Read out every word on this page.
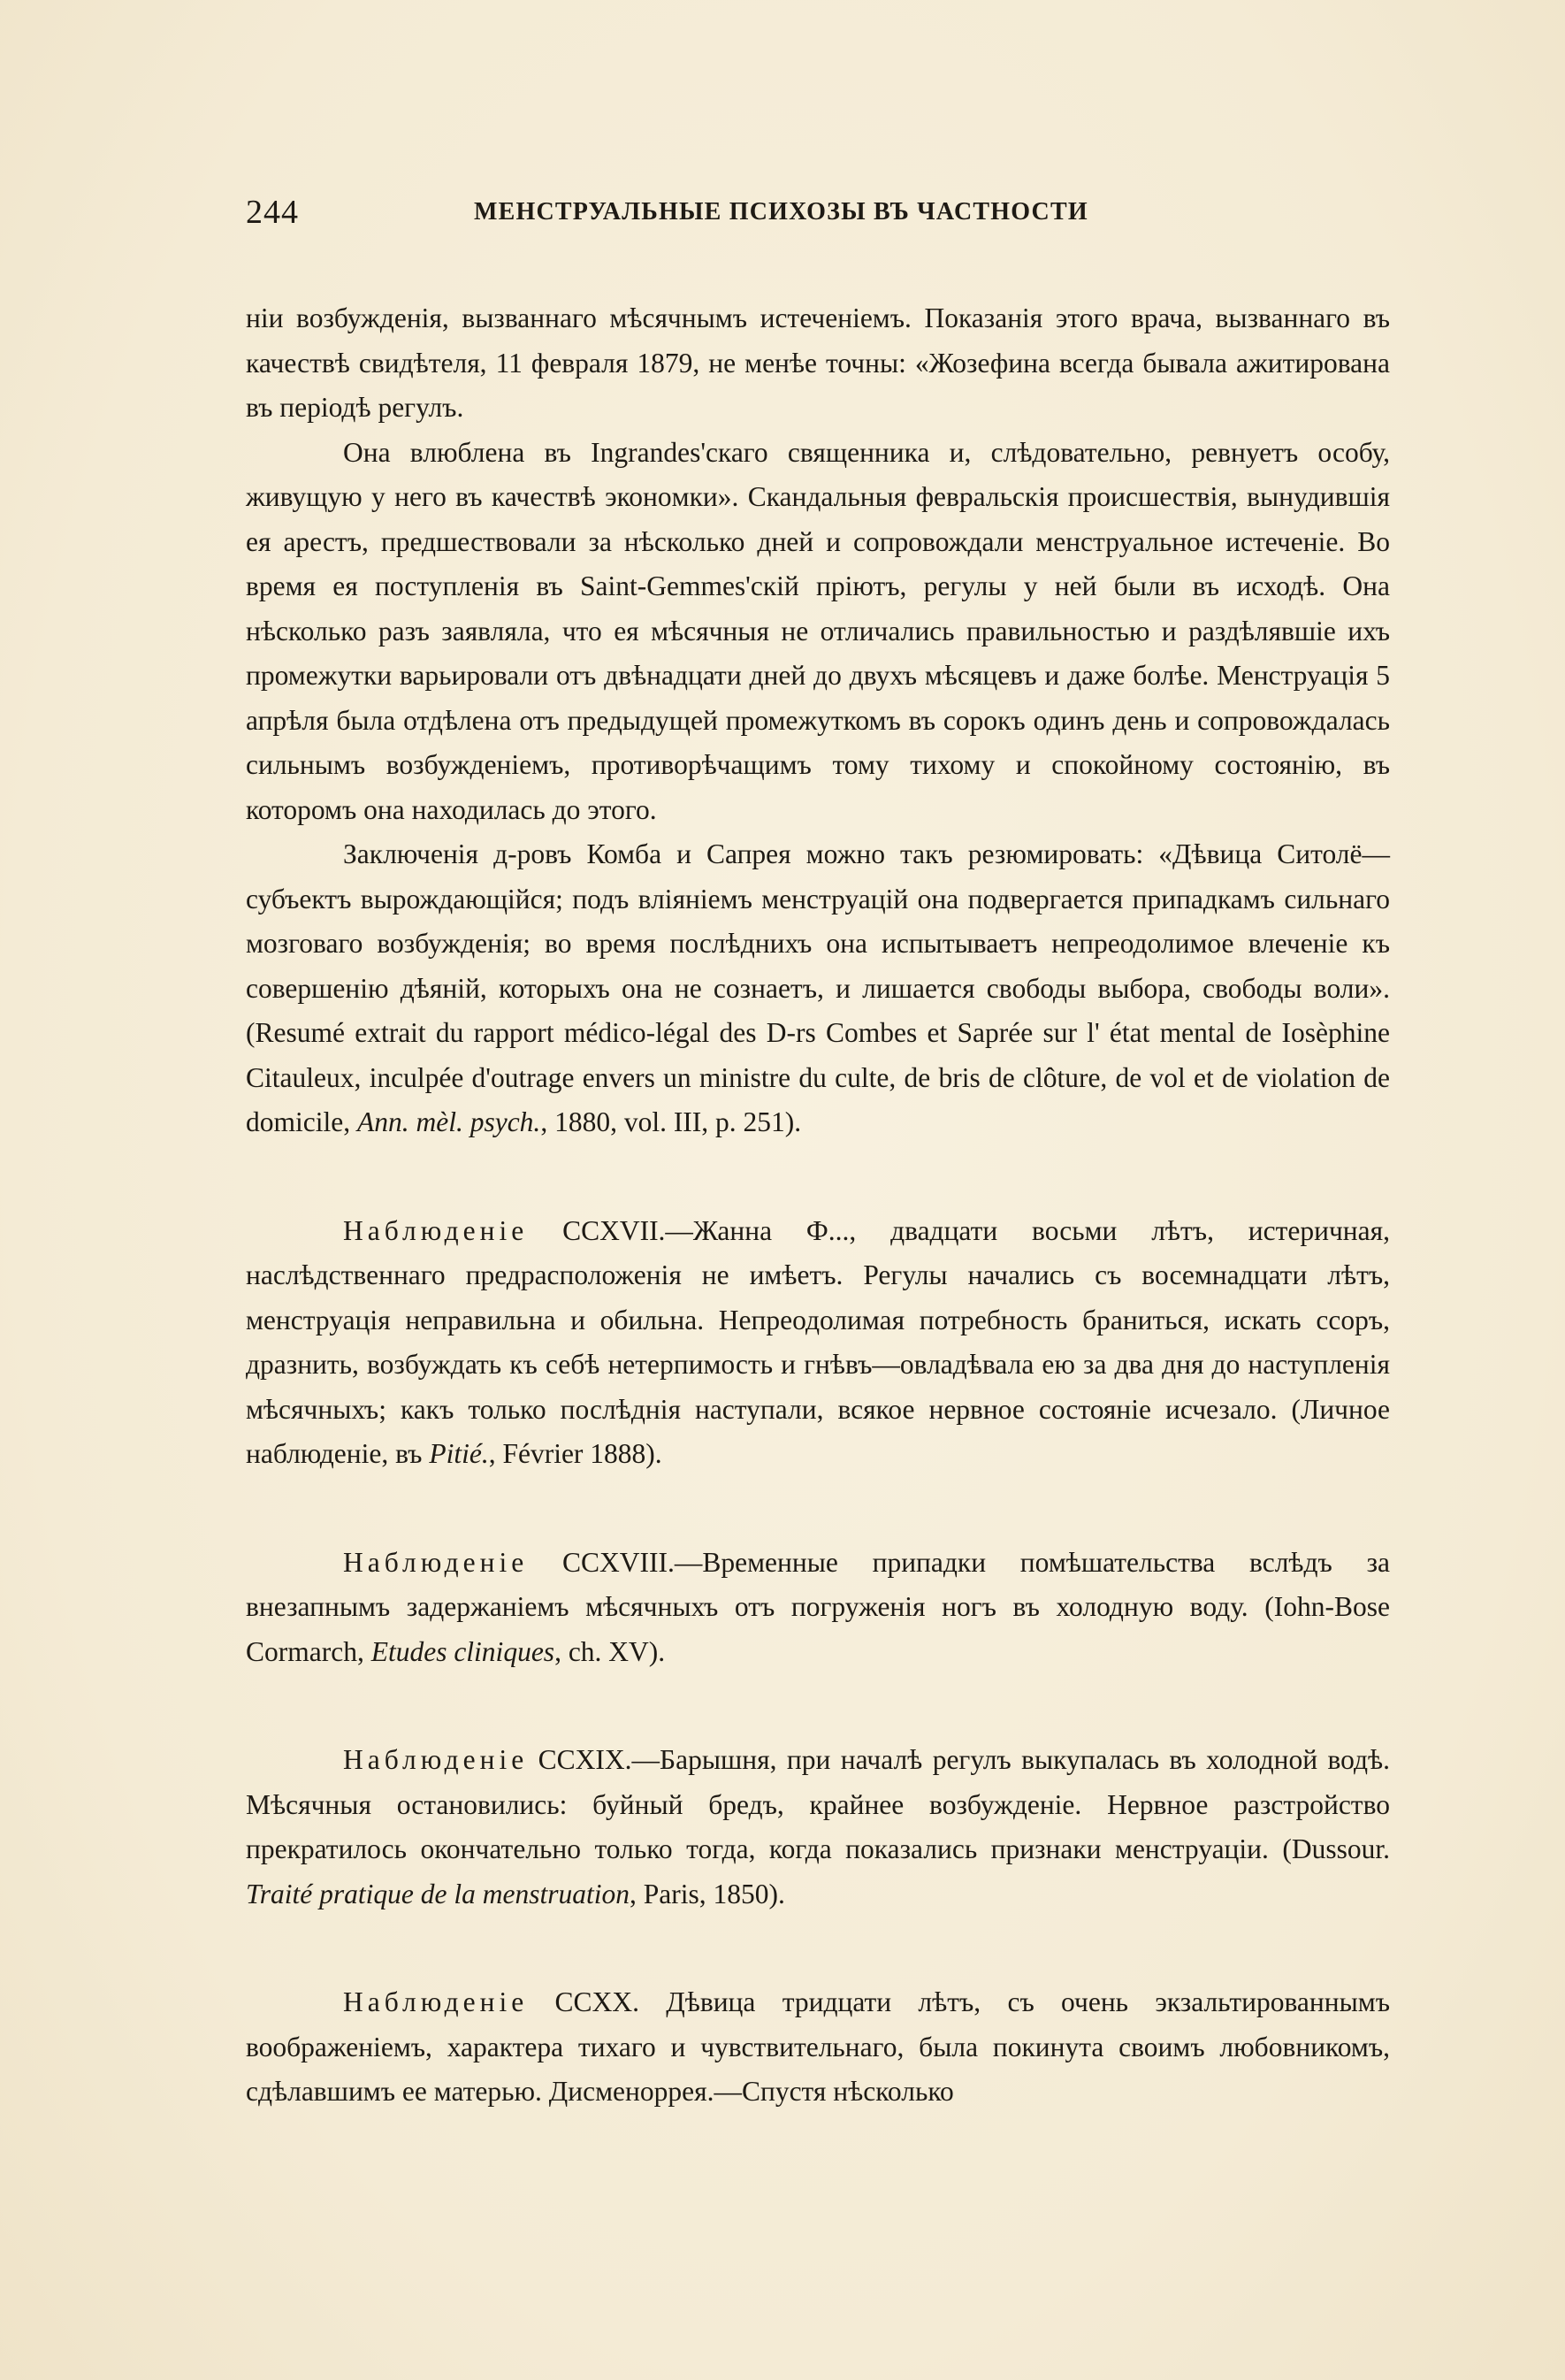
244	МЕНСТРУАЛЬНЫЕ ПСИХОЗЫ ВЪ ЧАСТНОСТИ

ніи возбужденія, вызваннаго мѣсячнымъ истеченіемъ. Показанія этого врача, вызваннаго въ качествѣ свидѣтеля, 11 февраля 1879, не менѣе точны: «Жозефина всегда бывала ажитирована въ періодѣ регулъ.

Она влюблена въ Ingrandes'скаго священника и, слѣдовательно, ревнуетъ особу, живущую у него въ качествѣ эконoмки». Скандальныя февральскія происшествія, вынудившія ея арестъ, предшествовали за нѣсколько дней и сопровождали менструальное истеченіе. Во время ея поступленія въ Saint-Gemmes'скій пріютъ, регулы у ней были въ исходѣ. Она нѣсколько разъ заявляла, что ея мѣсячныя не отличались правильностью и раздѣлявшіе ихъ промежутки варьировали отъ двѣнадцати дней до двухъ мѣсяцевъ и даже болѣе. Менструація 5 апрѣля была отдѣлена отъ предыдущей промежуткомъ въ сорокъ одинъ день и сопровождалась сильнымъ возбужденіемъ, противорѣчащимъ тому тихому и спокойному состоянію, въ которомъ она находилась до этого.

Заключенія д-ровъ Комба и Сапрея можно такъ резюмировать: «Дѣвица Ситолё—субъектъ вырождающійся; подъ вліяніемъ менструацій она подвергается припадкамъ сильнаго мозговаго возбужденія; во время послѣднихъ она испытываетъ непреодолимое влеченіе къ совершенію дѣяній, которыхъ она не сознаетъ, и лишается свободы выбора, свободы воли». (Resumé extrait du rapport médico-légal des D-rs Combes et Saprée sur l' état mental de Iosèphine Citauleux, inculpée d'outrage envers un ministre du culte, de bris de clôture, de vol et de violation de domicile, Ann. mèl. psych., 1880, vol. III, p. 251).

Наблюденіе CCXVII.—Жанна Ф..., двадцати восьми лѣтъ, истеричная, наслѣдственнаго предрасположенія не имѣетъ. Регулы начались съ восемнадцати лѣтъ, менструація неправильна и обильна. Непреодолимая потребность браниться, искать ссоръ, дразнить, возбуждать къ себѣ нетерпимость и гнѣвъ—овладѣвала ею за два дня до наступленія мѣсячныхъ; какъ только послѣднія наступали, всякое нервное состояніе исчезало. (Личное наблюденіе, въ Pitié., Février 1888).

Наблюденіе CCXVIII.—Временные припадки помѣшательства вслѣдъ за внезапнымъ задержаніемъ мѣсячныхъ отъ погруженія ногъ въ холодную воду. (Iohn-Bose Cormarch, Etudes cliniques, ch. XV).

Наблюденіе CCXIX.—Барышня, при началѣ регулъ выкупалась въ холодной водѣ. Мѣсячныя остановились: буйный бредъ, крайнее возбужденіе. Нервное разстройство прекратилось окончательно только тогда, когда показались признаки менструаціи. (Dussour. Traité pratique de la menstruation, Paris, 1850).

Наблюденіе CCXX. Дѣвица тридцати лѣтъ, съ очень экзальтированнымъ воображеніемъ, характера тихаго и чувствительнаго, была покинута своимъ любовникомъ, сдѣлавшимъ ее матерью. Дисменоррея.—Спустя нѣсколько
